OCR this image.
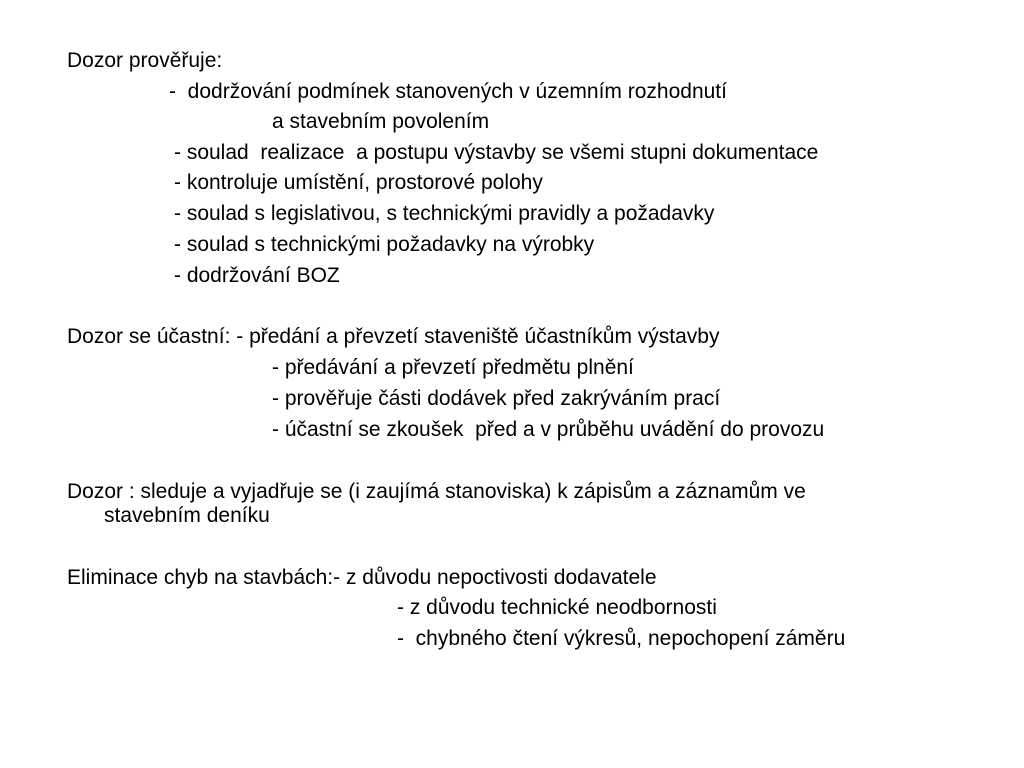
Dozor prověřuje:
-  dodržování podmínek stanovených v územním rozhodnutí
a stavebním povolením
- soulad  realizace  a postupu výstavby se všemi stupni dokumentace
- kontroluje umístění, prostorové polohy
- soulad s legislativou, s technickými pravidly a požadavky
- soulad s technickými požadavky na výrobky
- dodržování BOZ
Dozor se účastní: - předání a převzetí staveniště účastníkům výstavby
- předávání a převzetí předmětu plnění
- prověřuje části dodávek před zakrýváním prací
- účastní se zkoušek  před a v průběhu uvádění do provozu
Dozor : sleduje a vyjadřuje se (i zaujímá stanoviska) k zápisům a záznamům ve
stavebním deníku
Eliminace chyb na stavbách:- z důvodu nepoctivosti dodavatele
- z důvodu technické neodbornosti
-  chybného čtení výkresů, nepochopení záměru
